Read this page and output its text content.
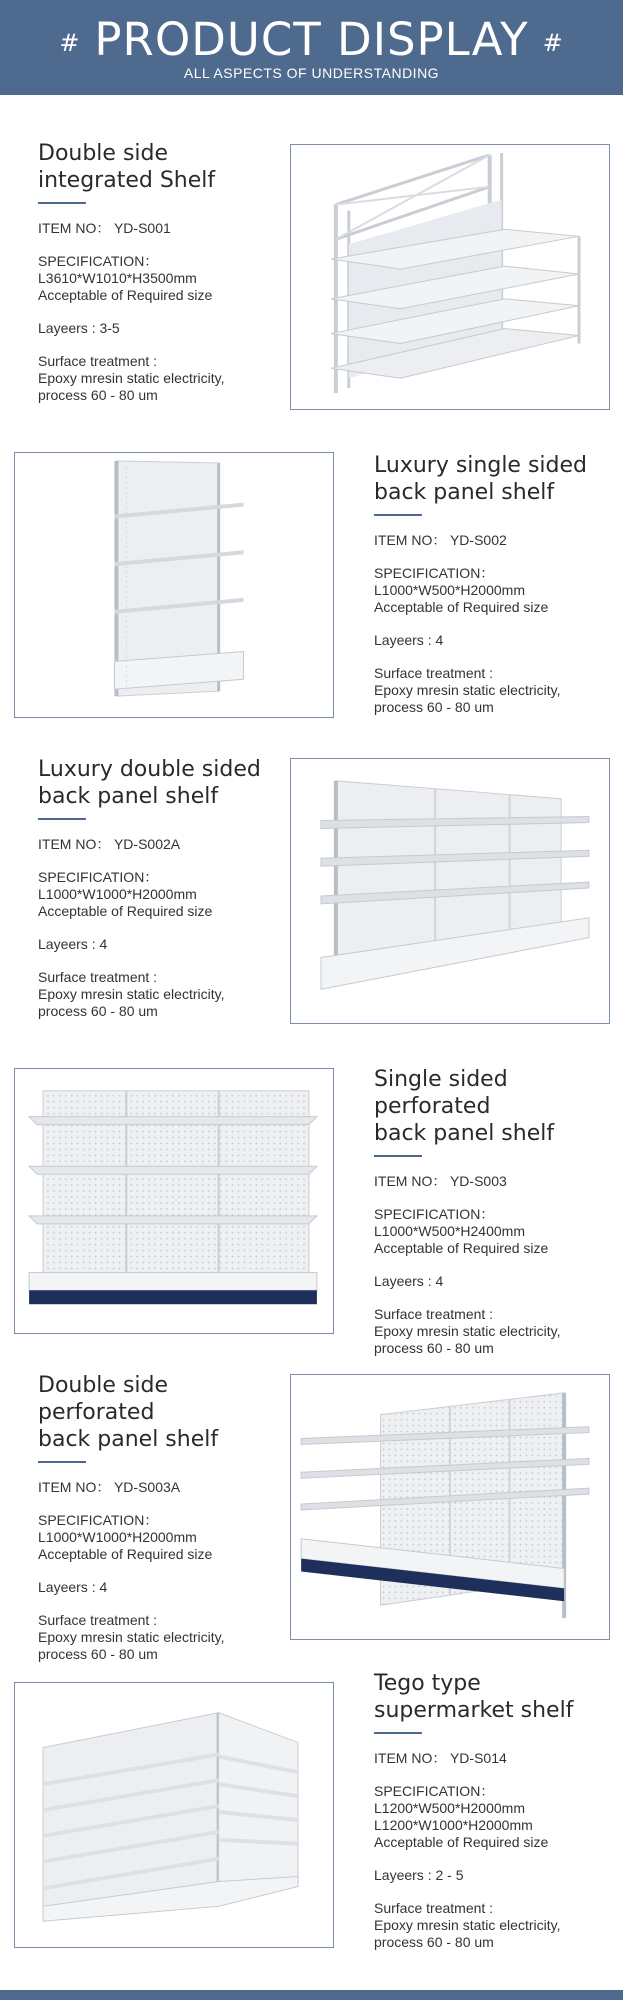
# PRODUCT DISPLAY #
ALL ASPECTS OF UNDERSTANDING
Double side
integrated Shelf
ITEM NO： YD-S001
SPECIFICATION：
L3610*W1010*H3500mm
Acceptable of Required size
Layeers : 3-5
Surface treatment :
Epoxy mresin static electricity,
process 60 - 80 um
Luxury single sided
back panel shelf
ITEM NO： YD-S002
SPECIFICATION：
L1000*W500*H2000mm
Acceptable of Required size
Layeers : 4
Surface treatment :
Epoxy mresin static electricity,
process 60 - 80 um
Luxury double sided
back panel shelf
ITEM NO： YD-S002A
SPECIFICATION：
L1000*W1000*H2000mm
Acceptable of Required size
Layeers : 4
Surface treatment :
Epoxy mresin static electricity,
process 60 - 80 um
Single sided perforated
back panel shelf
ITEM NO： YD-S003
SPECIFICATION：
L1000*W500*H2400mm
Acceptable of Required size
Layeers : 4
Surface treatment :
Epoxy mresin static electricity,
process 60 - 80 um
Double side perforated
back panel shelf
ITEM NO： YD-S003A
SPECIFICATION：
L1000*W1000*H2000mm
Acceptable of Required size
Layeers : 4
Surface treatment :
Epoxy mresin static electricity,
process 60 - 80 um
Tego type
supermarket shelf
ITEM NO： YD-S014
SPECIFICATION：
L1200*W500*H2000mm
L1200*W1000*H2000mm
Acceptable of Required size
Layeers : 2 - 5
Surface treatment :
Epoxy mresin static electricity,
process 60 - 80 um
